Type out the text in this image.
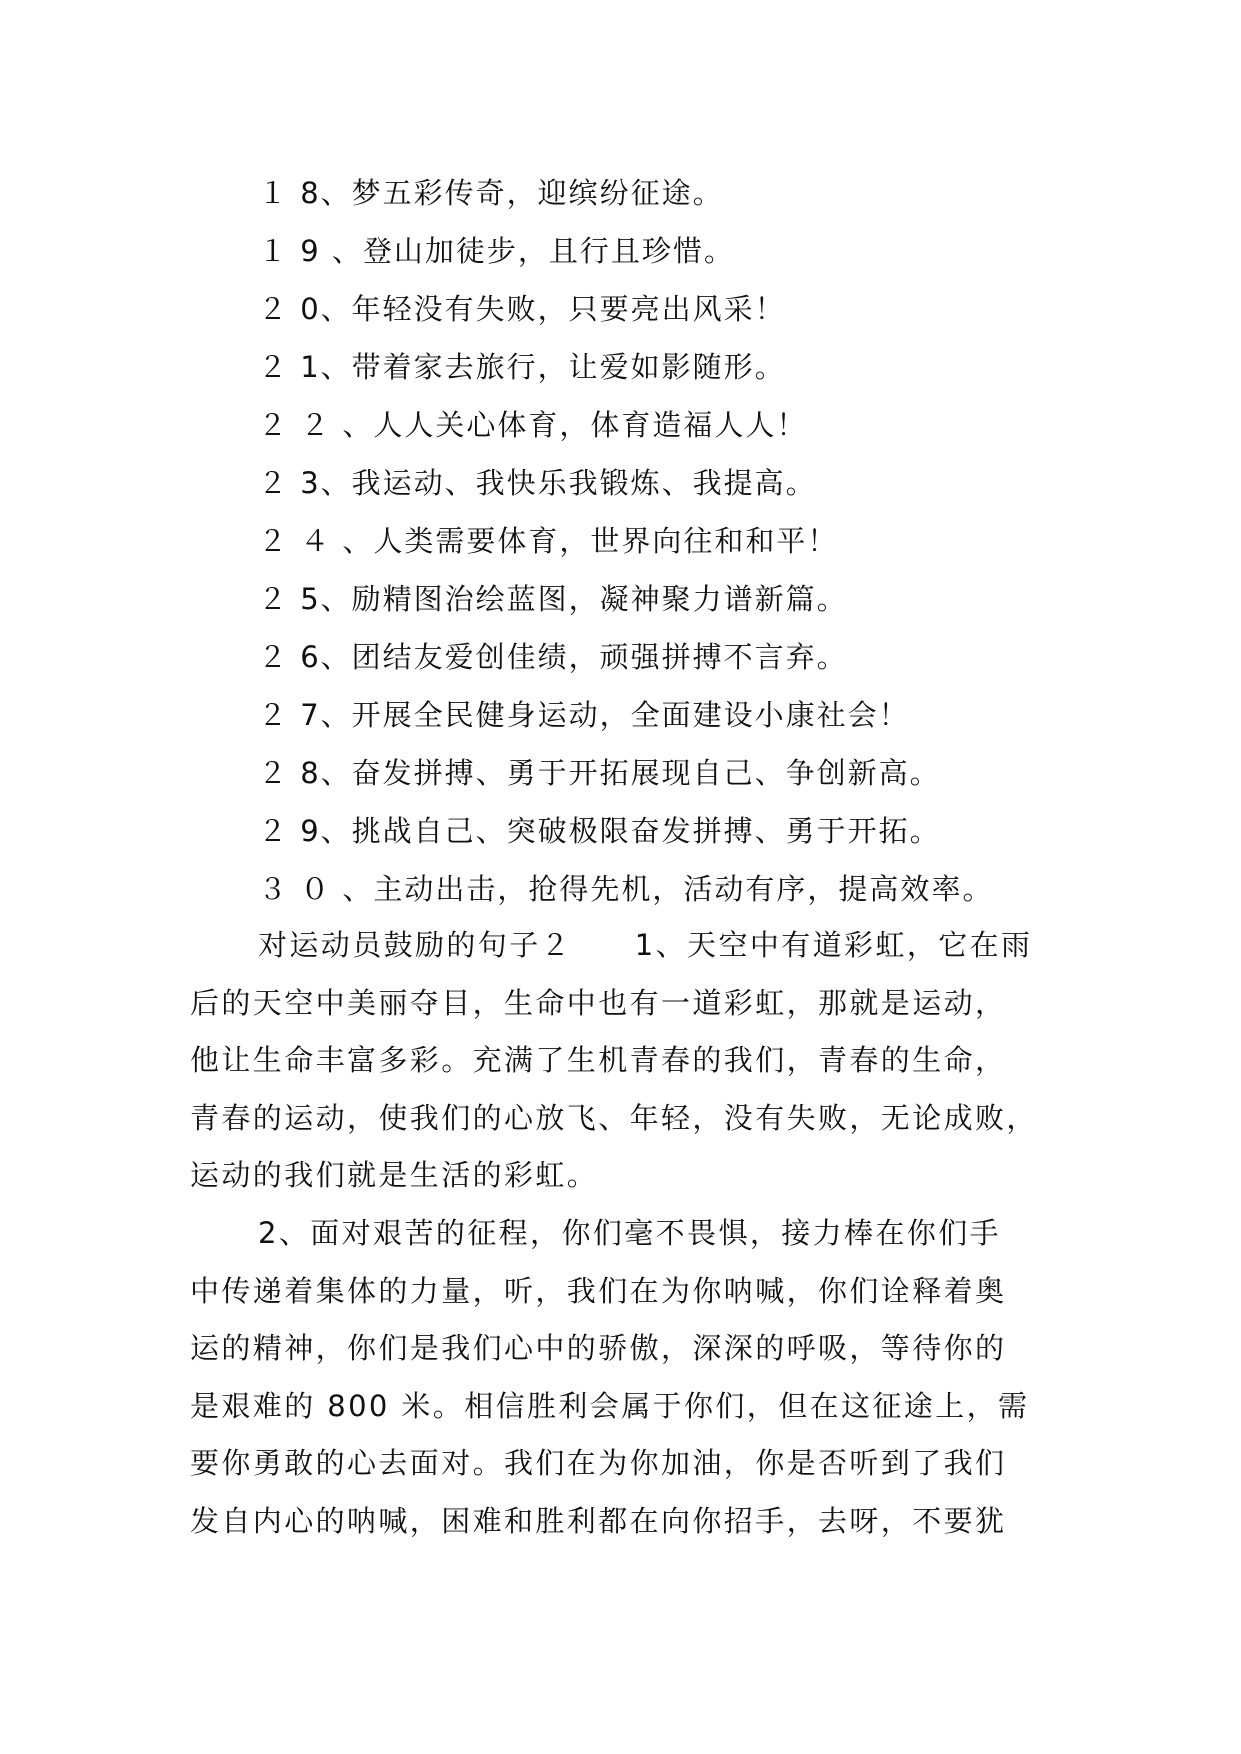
１ 8、梦五彩传奇，迎缤纷征途。
１ 9 、登山加徒步，且行且珍惜。
２ 0、年轻没有失败，只要亮出风采！
２ 1、带着家去旅行，让爱如影随形。
２ ２ 、人人关心体育，体育造福人人！
２ 3、我运动、我快乐我锻炼、我提高。
２ ４ 、人类需要体育，世界向往和和平！
２ 5、励精图治绘蓝图，凝神聚力谱新篇。
２ 6、团结友爱创佳绩，顽强拼搏不言弃。
２ 7、开展全民健身运动，全面建设小康社会！
２ 8、奋发拼搏、勇于开拓展现自己、争创新高。
２ 9、挑战自己、突破极限奋发拼搏、勇于开拓。
３ ０ 、主动出击，抢得先机，活动有序，提高效率。
对运动员鼓励的句子２　　1、天空中有道彩虹，它在雨
后的天空中美丽夺目，生命中也有一道彩虹，那就是运动，
他让生命丰富多彩。充满了生机青春的我们，青春的生命，
青春的运动，使我们的心放飞、年轻，没有失败，无论成败，
运动的我们就是生活的彩虹。
2、面对艰苦的征程，你们毫不畏惧，接力棒在你们手
中传递着集体的力量，听，我们在为你呐喊，你们诠释着奥
运的精神，你们是我们心中的骄傲，深深的呼吸，等待你的
是艰难的 800 米。相信胜利会属于你们，但在这征途上，需
要你勇敢的心去面对。我们在为你加油，你是否听到了我们
发自内心的呐喊，困难和胜利都在向你招手，去呀，不要犹
